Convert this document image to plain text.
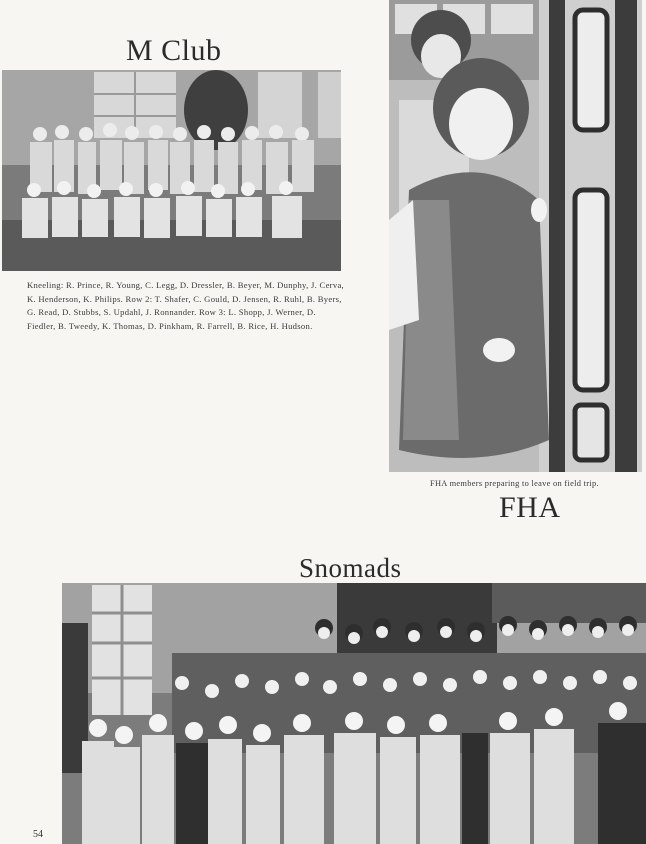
M Club

Kneeling: R. Prince, R. Young, C. Legg, D. Dressler, B. Beyer, M. Dunphy, J. Cerva, K. Henderson, K. Philips. Row 2: T. Shafer, C. Gould, D. Jensen, R. Ruhl, B. Byers, G. Read, D. Stubbs, S. Updahl, J. Ronnander. Row 3: L. Shopp, J. Werner, D. Fiedler, B. Tweedy, K. Thomas, D. Pinkham, R. Farrell, B. Rice, H. Hudson.

FHA members preparing to leave on field trip.

FHA
Snomads
54
